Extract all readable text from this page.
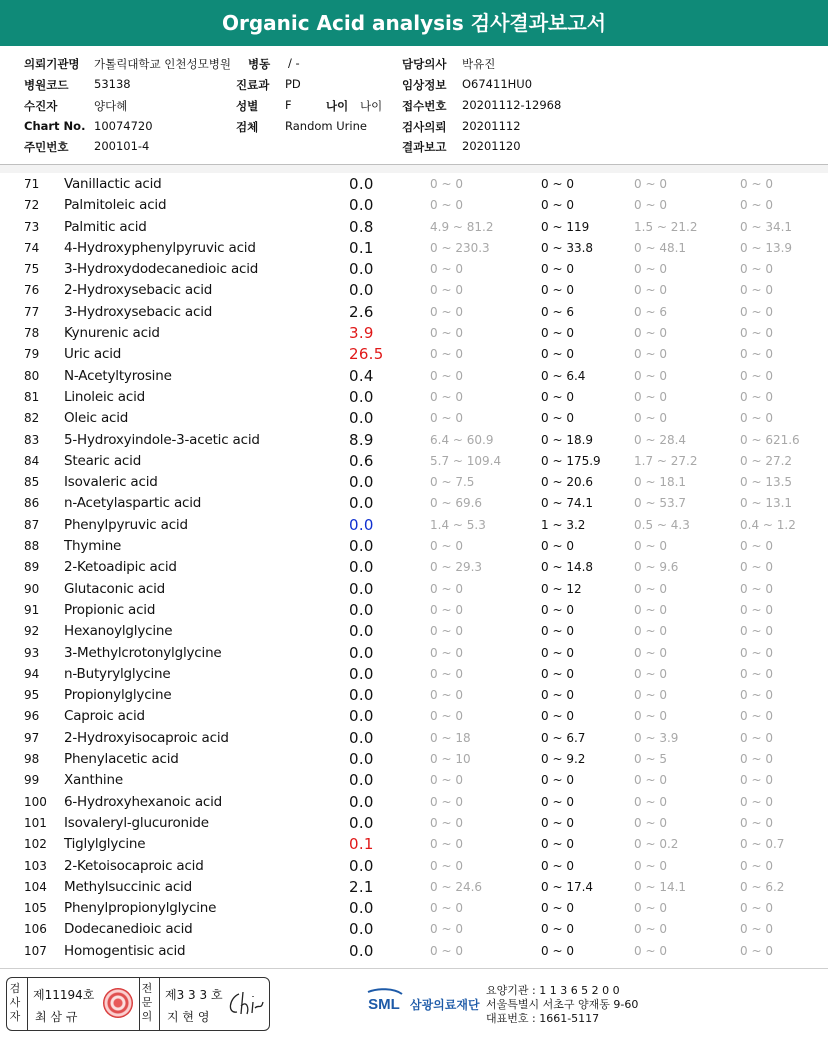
Organic Acid analysis 검사결과보고서
의뢰기관명 가톨릭대학교 인천성모병원 병동 / -	담당의사 박유진
병원코드 53138	진료과 PD	임상정보 O67411HU0
수진자	양다혜	성별 F	나이 나이 접수번호 20201112-12968
Chart No. 10074720	검체 Random Urine	검사의뢰 20201112
주민번호 200101-4	결과보고 20201120
71 Vanillactic acid	0.0	0 ~ 0	0 ~ 0	0 ~ 0	0 ~ 0
72 Palmitoleic acid	0.0	0 ~ 0	0 ~ 0	0 ~ 0	0 ~ 0
73 Palmitic acid	0.8	4.9 ~ 81.2	0 ~ 119	1.5 ~ 21.2	0 ~ 34.1
74 4-Hydroxyphenylpyruvic acid	0.1	0 ~ 230.3	0 ~ 33.8	0 ~ 48.1	0 ~ 13.9
75 3-Hydroxydodecanedioic acid	0.0	0 ~ 0	0 ~ 0	0 ~ 0	0 ~ 0
76 2-Hydroxysebacic acid	0.0	0 ~ 0	0 ~ 0	0 ~ 0	0 ~ 0
77 3-Hydroxysebacic acid	2.6	0 ~ 0	0 ~ 6	0 ~ 6	0 ~ 0
78 Kynurenic acid	3.9	0 ~ 0	0 ~ 0	0 ~ 0	0 ~ 0
79 Uric acid	26.5	0 ~ 0	0 ~ 0	0 ~ 0	0 ~ 0
80 N-Acetyltyrosine	0.4	0 ~ 0	0 ~ 6.4	0 ~ 0	0 ~ 0
81 Linoleic acid	0.0	0 ~ 0	0 ~ 0	0 ~ 0	0 ~ 0
82 Oleic acid	0.0	0 ~ 0	0 ~ 0	0 ~ 0	0 ~ 0
83 5-Hydroxyindole-3-acetic acid	8.9	6.4 ~ 60.9	0 ~ 18.9	0 ~ 28.4	0 ~ 621.6
84 Stearic acid	0.6	5.7 ~ 109.4	0 ~ 175.9	1.7 ~ 27.2	0 ~ 27.2
85 Isovaleric acid	0.0	0 ~ 7.5	0 ~ 20.6	0 ~ 18.1	0 ~ 13.5
86 n-Acetylaspartic acid	0.0	0 ~ 69.6	0 ~ 74.1	0 ~ 53.7	0 ~ 13.1
87 Phenylpyruvic acid	0.0	1.4 ~ 5.3	1 ~ 3.2	0.5 ~ 4.3	0.4 ~ 1.2
88 Thymine	0.0	0 ~ 0	0 ~ 0	0 ~ 0	0 ~ 0
89 2-Ketoadipic acid	0.0	0 ~ 29.3	0 ~ 14.8	0 ~ 9.6	0 ~ 0
90 Glutaconic acid	0.0	0 ~ 0	0 ~ 12	0 ~ 0	0 ~ 0
91 Propionic acid	0.0	0 ~ 0	0 ~ 0	0 ~ 0	0 ~ 0
92 Hexanoylglycine	0.0	0 ~ 0	0 ~ 0	0 ~ 0	0 ~ 0
93 3-Methylcrotonylglycine	0.0	0 ~ 0	0 ~ 0	0 ~ 0	0 ~ 0
94 n-Butyrylglycine	0.0	0 ~ 0	0 ~ 0	0 ~ 0	0 ~ 0
95 Propionylglycine	0.0	0 ~ 0	0 ~ 0	0 ~ 0	0 ~ 0
96 Caproic acid	0.0	0 ~ 0	0 ~ 0	0 ~ 0	0 ~ 0
97 2-Hydroxyisocaproic acid	0.0	0 ~ 18	0 ~ 6.7	0 ~ 3.9	0 ~ 0
98 Phenylacetic acid	0.0	0 ~ 10	0 ~ 9.2	0 ~ 5	0 ~ 0
99 Xanthine	0.0	0 ~ 0	0 ~ 0	0 ~ 0	0 ~ 0
100 6-Hydroxyhexanoic acid	0.0	0 ~ 0	0 ~ 0	0 ~ 0	0 ~ 0
101 Isovaleryl-glucuronide	0.0	0 ~ 0	0 ~ 0	0 ~ 0	0 ~ 0
102 Tiglylglycine	0.1	0 ~ 0	0 ~ 0	0 ~ 0.2	0 ~ 0.7
103 2-Ketoisocaproic acid	0.0	0 ~ 0	0 ~ 0	0 ~ 0	0 ~ 0
104 Methylsuccinic acid	2.1	0 ~ 24.6	0 ~ 17.4	0 ~ 14.1	0 ~ 6.2
105 Phenylpropionylglycine	0.0	0 ~ 0	0 ~ 0	0 ~ 0	0 ~ 0
106 Dodecanedioic acid	0.0	0 ~ 0	0 ~ 0	0 ~ 0	0 ~ 0
107 Homogentisic acid	0.0	0 ~ 0	0 ~ 0	0 ~ 0	0 ~ 0
검사자
제11194호
최 삼 규
전문의
제3 3 3 호
지 현 영
SML 삼광의료재단
요양기관 : 1 1 3 6 5 2 0 0
서울특별시 서초구 양재동 9-60
대표번호 : 1661-5117
